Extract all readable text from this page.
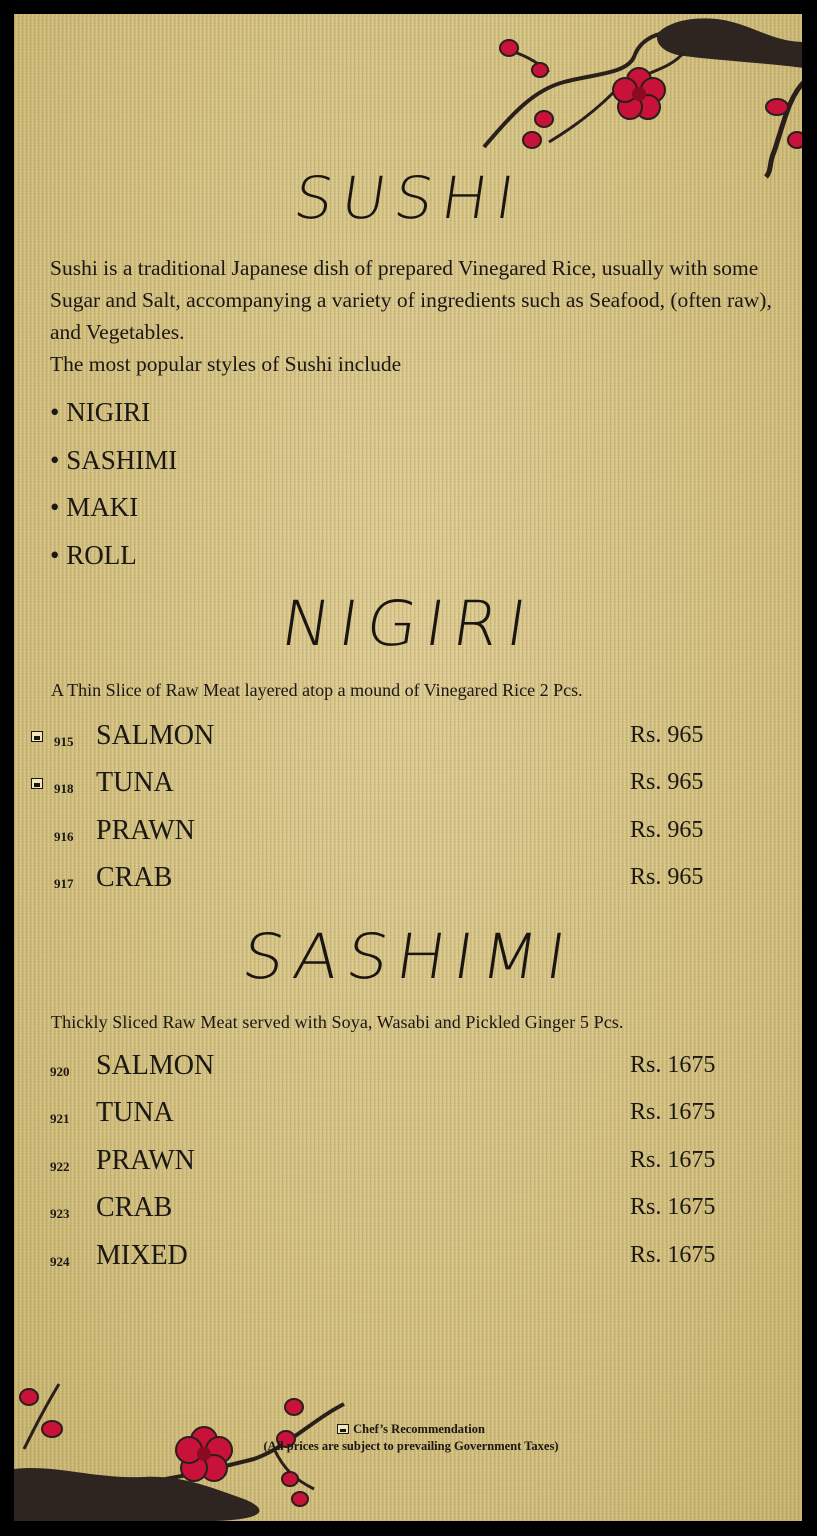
SUSHI
Sushi is a traditional Japanese dish of prepared Vinegared Rice, usually with some Sugar and Salt, accompanying a variety of ingredients such as Seafood, (often raw), and Vegetables.
The most popular styles of Sushi include
• NIGIRI
• SASHIMI
• MAKI
• ROLL
NIGIRI
A Thin Slice of Raw Meat layered atop a mound of Vinegared Rice 2 Pcs.
915 SALMON	Rs. 965
918 TUNA	Rs. 965
916 PRAWN	Rs. 965
917 CRAB	Rs. 965
SASHIMI
Thickly Sliced Raw Meat served with Soya, Wasabi and Pickled Ginger 5 Pcs.
920 SALMON	Rs. 1675
921 TUNA	Rs. 1675
922 PRAWN	Rs. 1675
923 CRAB	Rs. 1675
924 MIXED	Rs. 1675
Chef’s Recommendation
(All prices are subject to prevailing Government Taxes)
